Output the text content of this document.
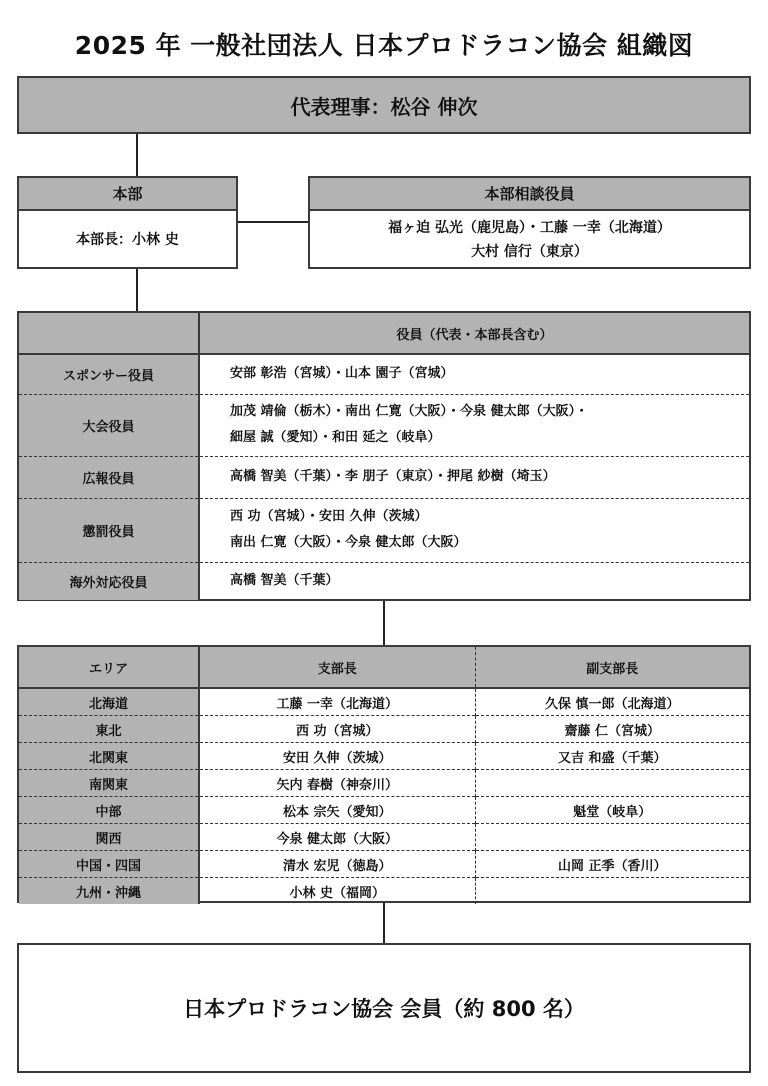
2025 年 一般社団法人 日本プロドラコン協会 組織図
代表理事：松谷 伸次
本部
本部長：小林 史
本部相談役員
福ヶ迫 弘光（鹿児島）・工藤 一幸（北海道）
大村 信行（東京）
	役員（代表・本部長含む）
スポンサー役員	安部 彰浩（宮城）・山本 園子（宮城）

大会役員	加茂 靖倫（栃木）・南出 仁寛（大阪）・今泉 健太郎（大阪）・
細屋 誠（愛知）・和田 延之（岐阜）

広報役員	高橋 智美（千葉）・李 朋子（東京）・押尾 紗樹（埼玉）

懲罰役員	西 功（宮城）・安田 久伸（茨城）
南出 仁寛（大阪）・今泉 健太郎（大阪）

海外対応役員	高橋 智美（千葉）
エリア	支部長	副支部長
北海道	工藤 一幸（北海道）	久保 慎一郎（北海道）
東北	西 功（宮城）	齋藤 仁（宮城）
北関東	安田 久伸（茨城）	又吉 和盛（千葉）
南関東	矢内 春樹（神奈川）	
中部	松本 宗矢（愛知）	魁堂（岐阜）
関西	今泉 健太郎（大阪）	
中国・四国	清水 宏児（徳島）	山岡 正季（香川）
九州・沖縄	小林 史（福岡）	
日本プロドラコン協会 会員（約 800 名）
